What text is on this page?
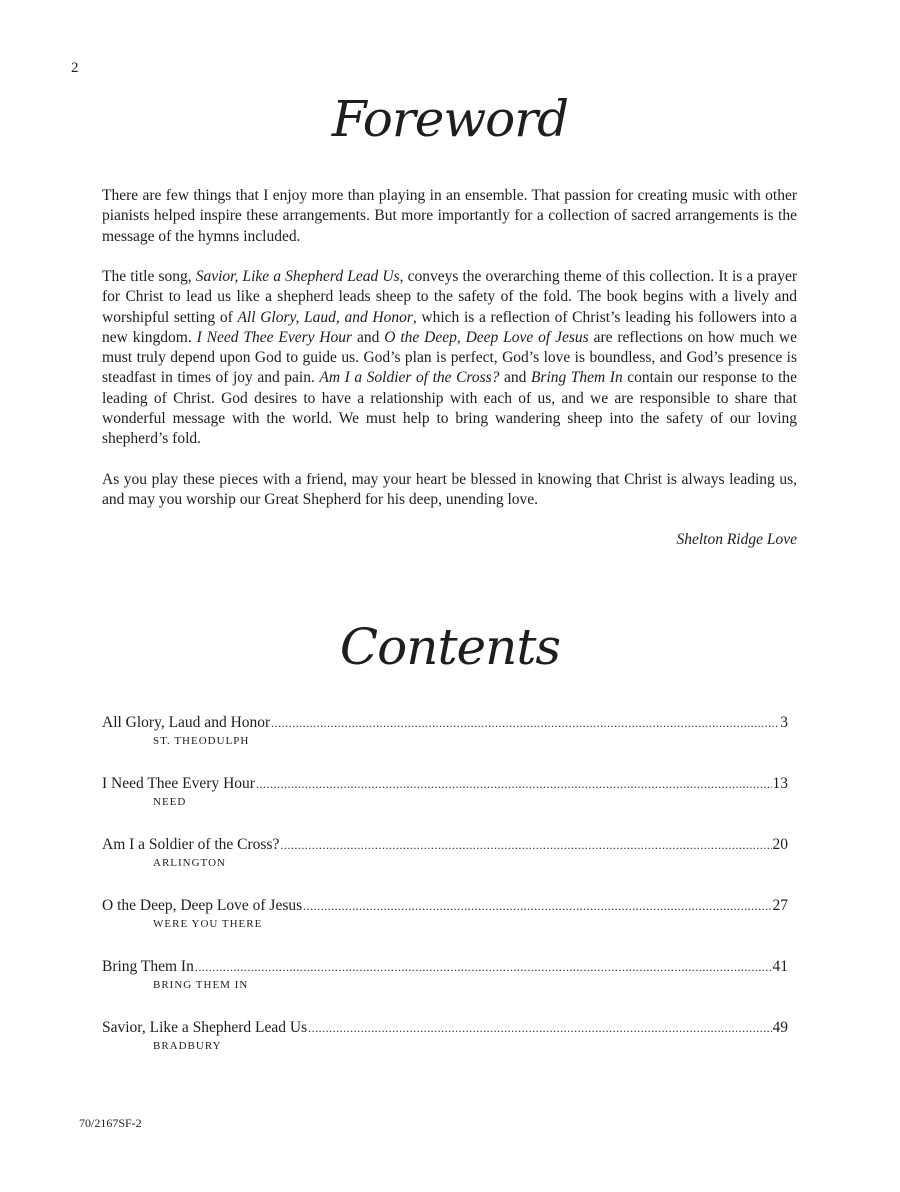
2
Foreword

There are few things that I enjoy more than playing in an ensemble. That passion for creating music with other pianists helped inspire these arrangements. But more importantly for a collection of sacred arrangements is the message of the hymns included.

The title song, Savior, Like a Shepherd Lead Us, conveys the overarching theme of this collection. It is a prayer for Christ to lead us like a shepherd leads sheep to the safety of the fold. The book begins with a lively and worshipful setting of All Glory, Laud, and Honor, which is a reflection of Christ’s leading his followers into a new kingdom. I Need Thee Every Hour and O the Deep, Deep Love of Jesus are reflections on how much we must truly depend upon God to guide us. God’s plan is perfect, God’s love is boundless, and God’s presence is steadfast in times of joy and pain. Am I a Soldier of the Cross? and Bring Them In contain our response to the leading of Christ. God desires to have a relationship with each of us, and we are responsible to share that wonderful message with the world. We must help to bring wandering sheep into the safety of our loving shepherd’s fold.

As you play these pieces with a friend, may your heart be blessed in knowing that Christ is always leading us, and may you worship our Great Shepherd for his deep, unending love.

Shelton Ridge Love
Contents
All Glory, Laud and Honor .....	3
ST. THEODULPH
I Need Thee Every Hour .....	13
NEED
Am I a Soldier of the Cross? .....	20
ARLINGTON
O the Deep, Deep Love of Jesus .....	27
WERE YOU THERE
Bring Them In .....	41
BRING THEM IN
Savior, Like a Shepherd Lead Us .....	49
BRADBURY
70/2167SF-2
